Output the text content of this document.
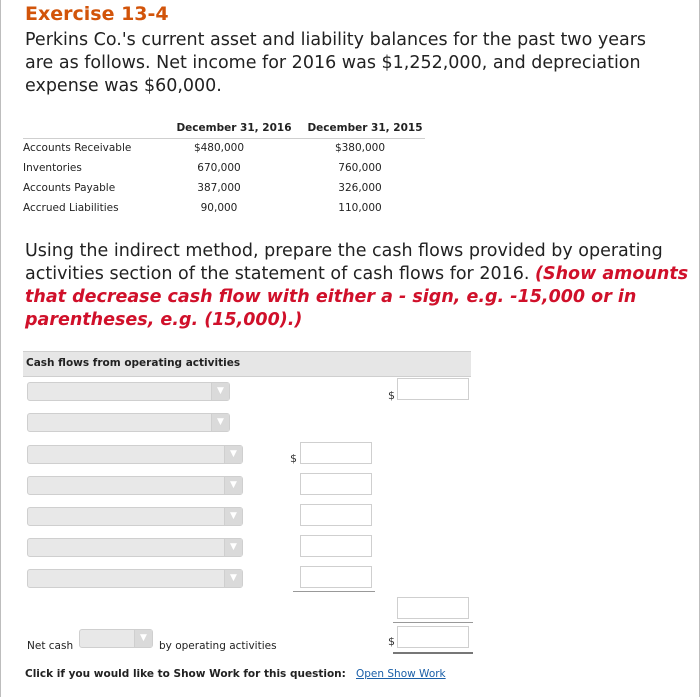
Exercise 13-4
Perkins Co.'s current asset and liability balances for the past two years are as follows. Net income for 2016 was $1,252,000, and depreciation expense was $60,000.
	December 31, 2016	December 31, 2015
Accounts Receivable	$480,000	$380,000
Inventories	670,000	760,000
Accounts Payable	387,000	326,000
Accrued Liabilities	90,000	110,000
Using the indirect method, prepare the cash flows provided by operating activities section of the statement of cash flows for 2016. (Show amounts that decrease cash flow with either a - sign, e.g. -15,000 or in parentheses, e.g. (15,000).)
Cash flows from operating activities
▼	$
▼
▼	$
▼
▼
▼
▼
Net cash
▼
by operating activities	$
Click if you would like to Show Work for this question: Open Show Work
